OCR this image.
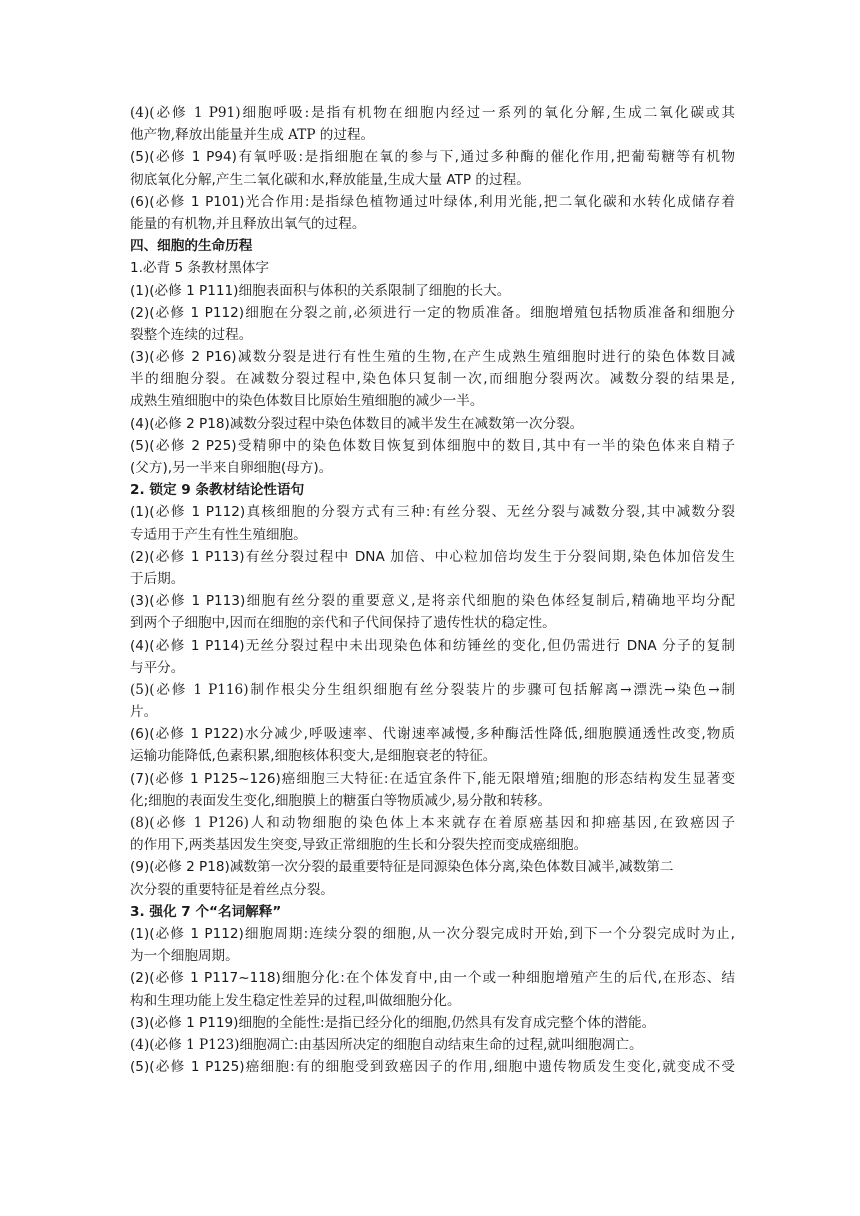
(4)(必修 1 P91)细胞呼吸:是指有机物在细胞内经过一系列的氧化分解,生成二氧化碳或其
他产物,释放出能量并生成 ATP 的过程。
(5)(必修 1 P94)有氧呼吸:是指细胞在氧的参与下,通过多种酶的催化作用,把葡萄糖等有机物
彻底氧化分解,产生二氧化碳和水,释放能量,生成大量 ATP 的过程。
(6)(必修 1 P101)光合作用:是指绿色植物通过叶绿体,利用光能,把二氧化碳和水转化成储存着
能量的有机物,并且释放出氧气的过程。
四、细胞的生命历程
1.必背 5 条教材黑体字
(1)(必修 1 P111)细胞表面积与体积的关系限制了细胞的长大。
(2)(必修 1 P112)细胞在分裂之前,必须进行一定的物质准备。细胞增殖包括物质准备和细胞分
裂整个连续的过程。
(3)(必修 2 P16)减数分裂是进行有性生殖的生物,在产生成熟生殖细胞时进行的染色体数目减
半的细胞分裂。在减数分裂过程中,染色体只复制一次,而细胞分裂两次。减数分裂的结果是,
成熟生殖细胞中的染色体数目比原始生殖细胞的减少一半。
(4)(必修 2 P18)减数分裂过程中染色体数目的减半发生在减数第一次分裂。
(5)(必修 2 P25)受精卵中的染色体数目恢复到体细胞中的数目,其中有一半的染色体来自精子
(父方),另一半来自卵细胞(母方)。
2. 锁定 9 条教材结论性语句
(1)(必修 1 P112)真核细胞的分裂方式有三种:有丝分裂、无丝分裂与减数分裂,其中减数分裂
专适用于产生有性生殖细胞。
(2)(必修 1 P113)有丝分裂过程中 DNA 加倍、中心粒加倍均发生于分裂间期,染色体加倍发生
于后期。
(3)(必修 1 P113)细胞有丝分裂的重要意义,是将亲代细胞的染色体经复制后,精确地平均分配
到两个子细胞中,因而在细胞的亲代和子代间保持了遗传性状的稳定性。
(4)(必修 1 P114)无丝分裂过程中未出现染色体和纺锤丝的变化,但仍需进行 DNA 分子的复制
与平分。
(5)(必修 1 P116)制作根尖分生组织细胞有丝分裂装片的步骤可包括解离→漂洗→染色→制
片。
(6)(必修 1 P122)水分减少,呼吸速率、代谢速率减慢,多种酶活性降低,细胞膜通透性改变,物质
运输功能降低,色素积累,细胞核体积变大,是细胞衰老的特征。
(7)(必修 1 P125~126)癌细胞三大特征:在适宜条件下,能无限增殖;细胞的形态结构发生显著变
化;细胞的表面发生变化,细胞膜上的糖蛋白等物质减少,易分散和转移。
(8)(必修 1 P126)人和动物细胞的染色体上本来就存在着原癌基因和抑癌基因,在致癌因子
的作用下,两类基因发生突变,导致正常细胞的生长和分裂失控而变成癌细胞。
(9)(必修 2 P18)减数第一次分裂的最重要特征是同源染色体分离,染色体数目减半,减数第二
次分裂的重要特征是着丝点分裂。
3. 强化 7 个“名词解释”
(1)(必修 1 P112)细胞周期:连续分裂的细胞,从一次分裂完成时开始,到下一个分裂完成时为止,
为一个细胞周期。
(2)(必修 1 P117~118)细胞分化:在个体发育中,由一个或一种细胞增殖产生的后代,在形态、结
构和生理功能上发生稳定性差异的过程,叫做细胞分化。
(3)(必修 1 P119)细胞的全能性:是指已经分化的细胞,仍然具有发育成完整个体的潜能。
(4)(必修 1 P123)细胞凋亡:由基因所决定的细胞自动结束生命的过程,就叫细胞凋亡。
(5)(必修 1 P125)癌细胞:有的细胞受到致癌因子的作用,细胞中遗传物质发生变化,就变成不受
